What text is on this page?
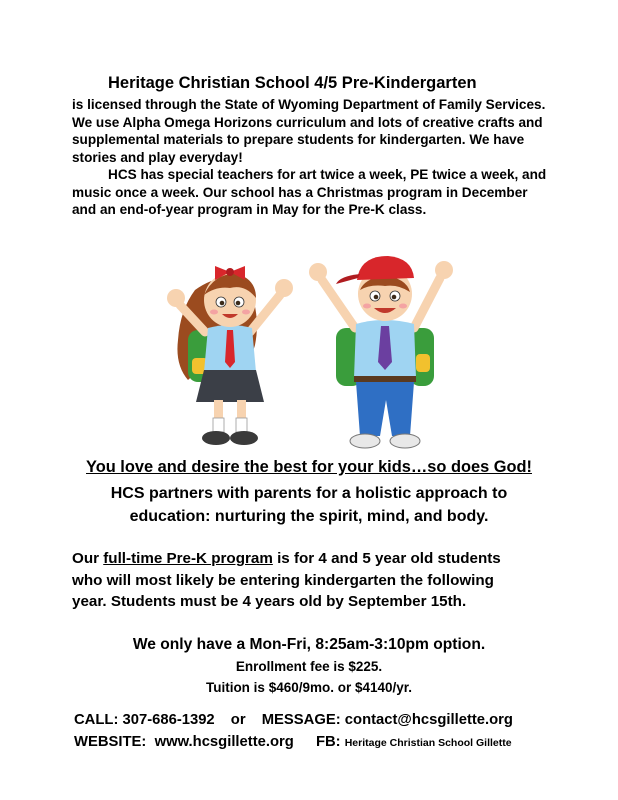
Heritage Christian School 4/5 Pre-Kindergarten

is licensed through the State of Wyoming Department of Family Services. We use Alpha Omega Horizons curriculum and lots of creative crafts and supplemental materials to prepare students for kindergarten. We have stories and play everyday!

HCS has special teachers for art twice a week, PE twice a week, and music once a week. Our school has a Christmas program in December and an end-of-year program in May for the Pre-K class.

You love and desire the best for your kids…so does God!
HCS partners with parents for a holistic approach to
education: nurturing the spirit, mind, and body.
Our full-time Pre-K program is for 4 and 5 year old students
who will most likely be entering kindergarten the following
year. Students must be 4 years old by September 15th.
We only have a Mon-Fri, 8:25am-3:10pm option.
Enrollment fee is $225.
Tuition is $460/9mo. or $4140/yr.
CALL: 307-686-1392 or MESSAGE: contact@hcsgillette.org
WEBSITE: www.hcsgillette.org FB: Heritage Christian School Gillette
